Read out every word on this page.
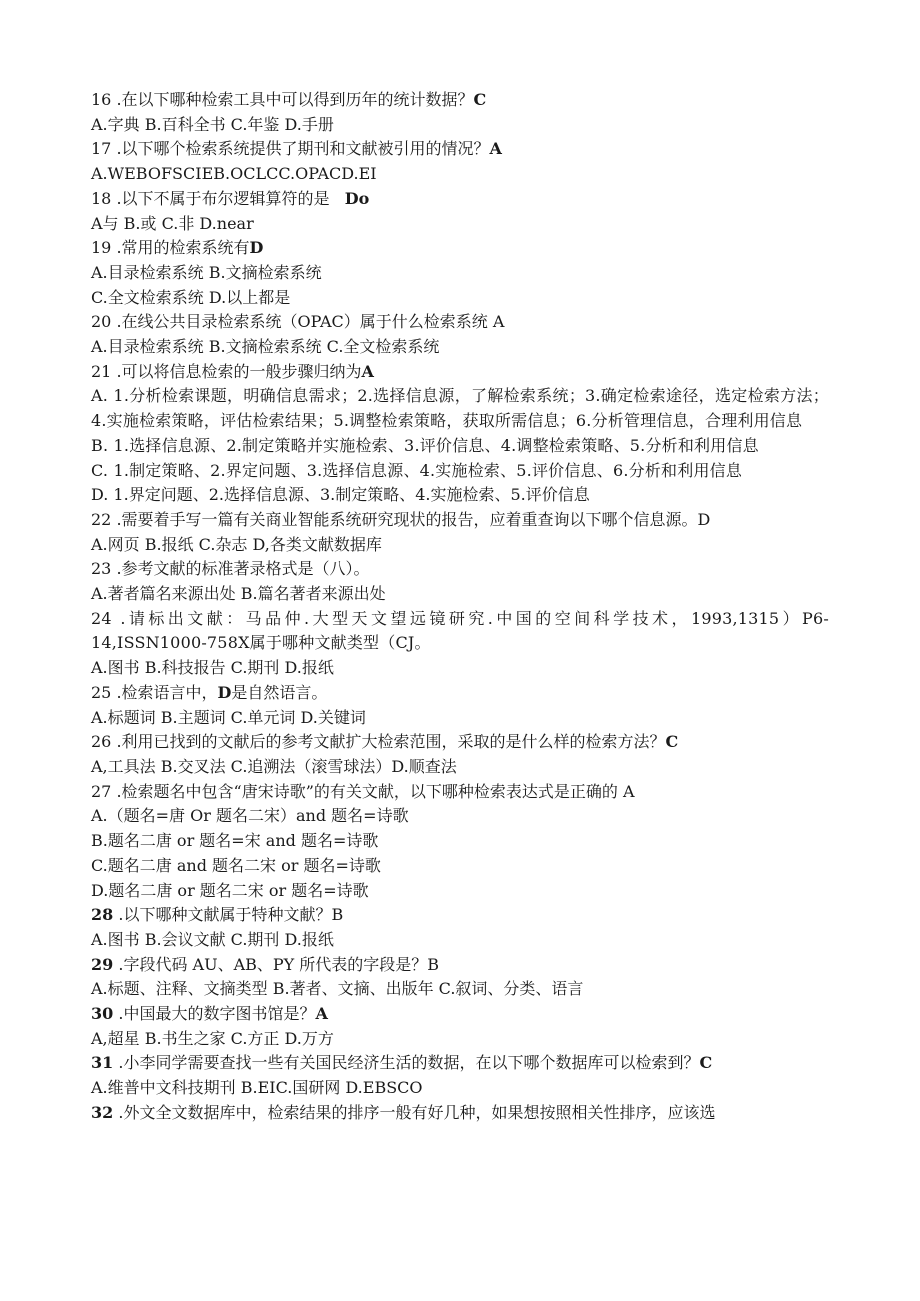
16 .在以下哪种检索工具中可以得到历年的统计数据？C
A.字典 B.百科全书 C.年鉴 D.手册
17 .以下哪个检索系统提供了期刊和文献被引用的情况？A
A.WEBOFSCIEB.OCLCC.OPACD.EI
18 .以下不属于布尔逻辑算符的是   Do
A与 B.或 C.非 D.near
19 .常用的检索系统有D
A.目录检索系统 B.文摘检索系统
C.全文检索系统 D.以上都是
20 .在线公共目录检索系统（OPAC）属于什么检索系统 A
A.目录检索系统 B.文摘检索系统 C.全文检索系统
21 .可以将信息检索的一般步骤归纳为A
A. 1.分析检索课题，明确信息需求；2.选择信息源，了解检索系统；3.确定检索途径，选定检索方法；4.实施检索策略，评估检索结果；5.调整检索策略，获取所需信息；6.分析管理信息，合理利用信息
B. 1.选择信息源、2.制定策略并实施检索、3.评价信息、4.调整检索策略、5.分析和利用信息
C. 1.制定策略、2.界定问题、3.选择信息源、4.实施检索、5.评价信息、6.分析和利用信息
D. 1.界定问题、2.选择信息源、3.制定策略、4.实施检索、5.评价信息
22 .需要着手写一篇有关商业智能系统研究现状的报告，应着重查询以下哪个信息源。D
A.网页 B.报纸 C.杂志 D,各类文献数据库
23 .参考文献的标准著录格式是（八）。
A.著者篇名来源出处 B.篇名著者来源出处
24 .请标出文献：马品仲.大型天文望远镜研究.中国的空间科学技术，1993,1315）P6-14,ISSN1000-758X属于哪种文献类型（CJ。
A.图书 B.科技报告 C.期刊 D.报纸
25 .检索语言中，D是自然语言。
A.标题词 B.主题词 C.单元词 D.关键词
26 .利用已找到的文献后的参考文献扩大检索范围，采取的是什么样的检索方法？C
A,工具法 B.交叉法 C.追溯法（滚雪球法）D.顺查法
27 .检索题名中包含“唐宋诗歌”的有关文献，以下哪种检索表达式是正确的 A
A.（题名=唐 Or 题名二宋）and 题名=诗歌
B.题名二唐 or 题名=宋 and 题名=诗歌
C.题名二唐 and 题名二宋 or 题名=诗歌
D.题名二唐 or 题名二宋 or 题名=诗歌
28 .以下哪种文献属于特种文献？B
A.图书 B.会议文献 C.期刊 D.报纸
29 .字段代码 AU、AB、PY 所代表的字段是？B
A.标题、注释、文摘类型 B.著者、文摘、出版年 C.叙词、分类、语言
30 .中国最大的数字图书馆是？A
A,超星 B.书生之家 C.方正 D.万方
31 .小李同学需要查找一些有关国民经济生活的数据，在以下哪个数据库可以检索到？C
A.维普中文科技期刊 B.EIC.国研网 D.EBSCO
32 .外文全文数据库中，检索结果的排序一般有好几种，如果想按照相关性排序，应该选
